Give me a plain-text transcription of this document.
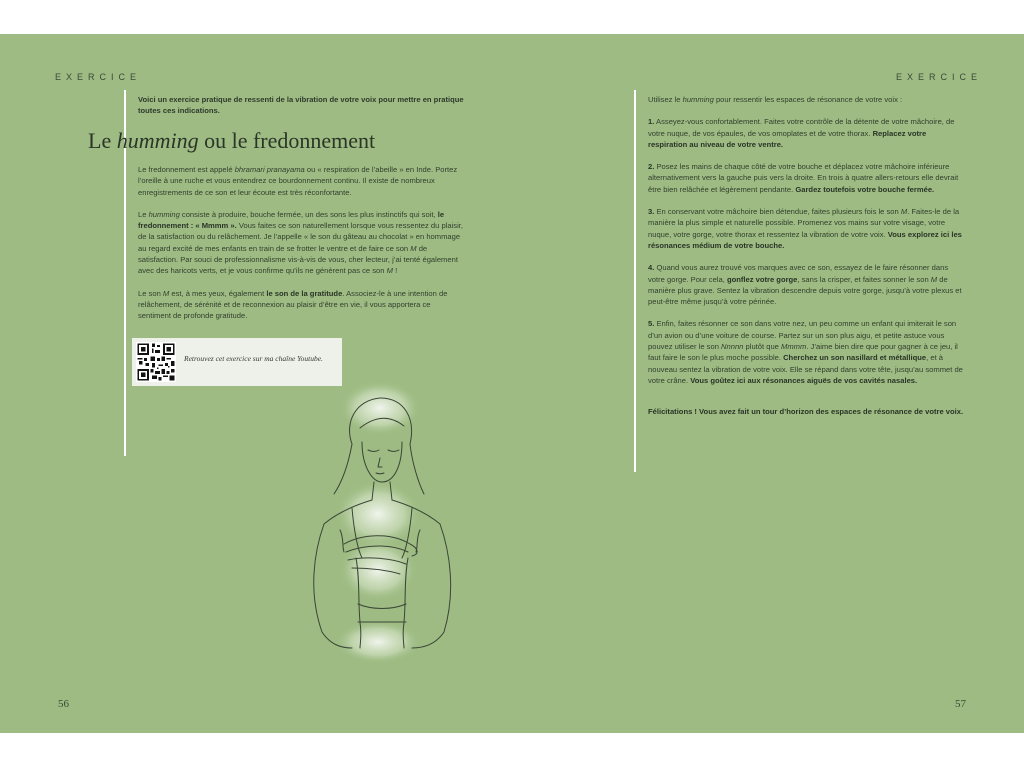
EXERCICE
Voici un exercice pratique de ressenti de la vibration de votre voix pour mettre en pratique toutes ces indications.
Le humming ou le fredonnement

Le fredonnement est appelé bhramari pranayama ou « respiration de l’abeille » en Inde. Portez l’oreille à une ruche et vous entendrez ce bourdonnement continu. Il existe de nombreux enregistrements de ce son et leur écoute est très réconfortante.

Le humming consiste à produire, bouche fermée, un des sons les plus instinctifs qui soit, le fredonnement : « Mmmm ». Vous faites ce son naturellement lorsque vous ressentez du plaisir, de la satisfaction ou du relâchement. Je l’appelle « le son du gâteau au chocolat » en hommage au regard excité de mes enfants en train de se frotter le ventre et de faire ce son M de satisfaction. Par souci de professionnalisme vis-à-vis de vous, cher lecteur, j’ai tenté également avec des haricots verts, et je vous confirme qu’ils ne génèrent pas ce son M !

Le son M est, à mes yeux, également le son de la gratitude. Associez-le à une intention de relâchement, de sérénité et de reconnexion au plaisir d’être en vie, il vous apportera ce sentiment de profonde gratitude.

Retrouvez cet exercice sur ma chaîne Youtube.
56
EXERCICE

Utilisez le humming pour ressentir les espaces de résonance de votre voix :

1. Asseyez-vous confortablement. Faites votre contrôle de la détente de votre mâchoire, de votre nuque, de vos épaules, de vos omoplates et de votre thorax. Replacez votre respiration au niveau de votre ventre.

2. Posez les mains de chaque côté de votre bouche et déplacez votre mâchoire inférieure alternativement vers la gauche puis vers la droite. En trois à quatre allers-retours elle devrait être bien relâchée et légèrement pendante. Gardez toutefois votre bouche fermée.

3. En conservant votre mâchoire bien détendue, faites plusieurs fois le son M. Faites-le de la manière la plus simple et naturelle possible. Promenez vos mains sur votre visage, votre nuque, votre gorge, votre thorax et ressentez la vibration de votre voix. Vous explorez ici les résonances médium de votre bouche.

4. Quand vous aurez trouvé vos marques avec ce son, essayez de le faire résonner dans votre gorge. Pour cela, gonflez votre gorge, sans la crisper, et faites sonner le son M de manière plus grave. Sentez la vibration descendre depuis votre gorge, jusqu’à votre plexus et peut-être même jusqu’à votre périnée.

5. Enfin, faites résonner ce son dans votre nez, un peu comme un enfant qui imiterait le son d’un avion ou d’une voiture de course. Partez sur un son plus aigu, et petite astuce vous pouvez utiliser le son Nnnnn plutôt que Mmmm. J’aime bien dire que pour gagner à ce jeu, il faut faire le son le plus moche possible. Cherchez un son nasillard et métallique, et à nouveau sentez la vibration de votre voix. Elle se répand dans votre tête, jusqu’au sommet de votre crâne. Vous goûtez ici aux résonances aiguës de vos cavités nasales.

Félicitations ! Vous avez fait un tour d’horizon des espaces de résonance de votre voix.

57
